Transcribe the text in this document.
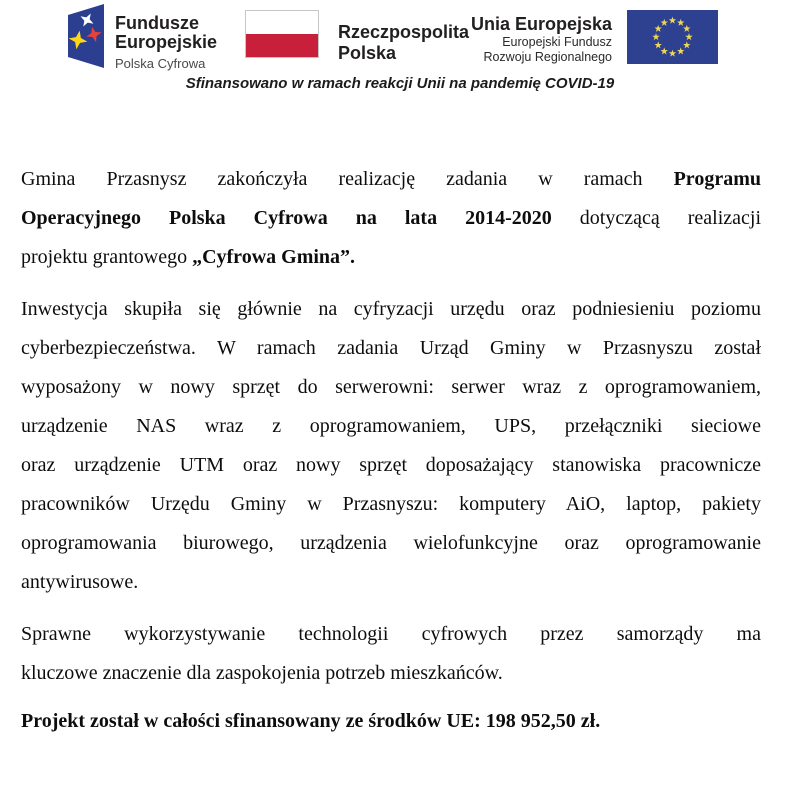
Fundusze
Europejskie
Polska Cyfrowa
Rzeczpospolita
Polska
Unia Europejska
Europejski Fundusz
Rozwoju Regionalnego
Sfinansowano w ramach reakcji Unii na pandemię COVID-19

Gmina Przasnysz zakończyła realizację zadania w ramach Programu
Operacyjnego Polska Cyfrowa na lata 2014-2020 dotyczącą realizacji
projektu grantowego „Cyfrowa Gmina”.

Inwestycja skupiła się głównie na cyfryzacji urzędu oraz podniesieniu poziomu
cyberbezpieczeństwa. W ramach zadania Urząd Gminy w Przasnyszu został
wyposażony w nowy sprzęt do serwerowni: serwer wraz z oprogramowaniem,
urządzenie NAS wraz z oprogramowaniem, UPS, przełączniki sieciowe
oraz urządzenie UTM oraz nowy sprzęt doposażający stanowiska pracownicze
pracowników Urzędu Gminy w Przasnyszu: komputery AiO, laptop, pakiety
oprogramowania biurowego, urządzenia wielofunkcyjne oraz oprogramowanie
antywirusowe.

Sprawne wykorzystywanie technologii cyfrowych przez samorządy ma
kluczowe znaczenie dla zaspokojenia potrzeb mieszkańców.

Projekt został w całości sfinansowany ze środków UE: 198 952,50 zł.
